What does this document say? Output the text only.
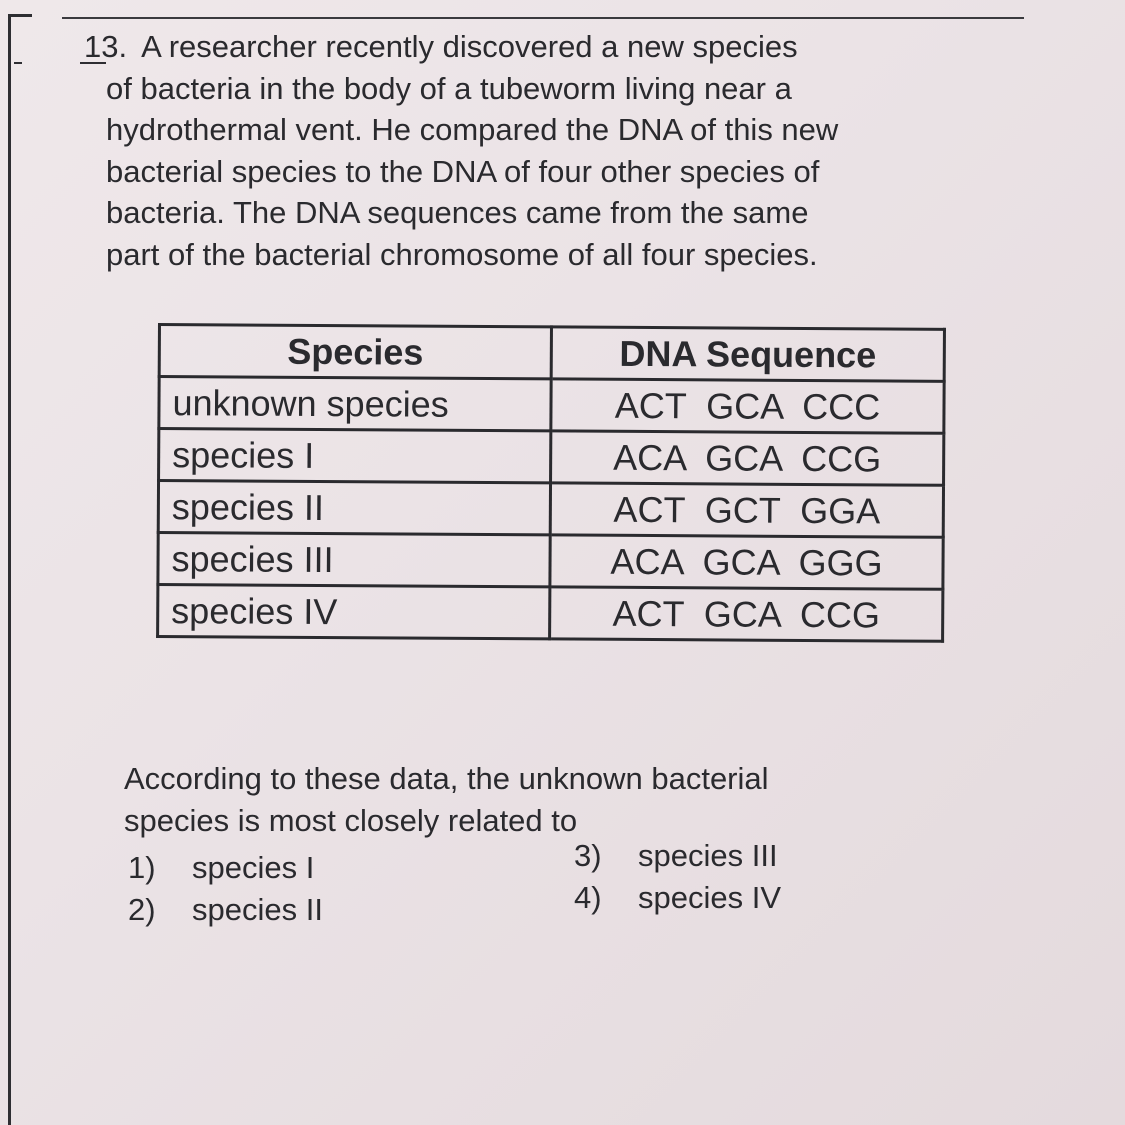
13. A researcher recently discovered a new species
of bacteria in the body of a tubeworm living near a
hydrothermal vent. He compared the DNA of this new
bacterial species to the DNA of four other species of
bacteria. The DNA sequences came from the same
part of the bacterial chromosome of all four species.
Species	DNA Sequence
unknown species	ACT GCA CCC
species I	ACA GCA CCG
species II	ACT GCT GGA
species III	ACA GCA GGG
species IV	ACT GCA CCG
According to these data, the unknown bacterial
species is most closely related to
1) species I
2) species II
3) species III
4) species IV
